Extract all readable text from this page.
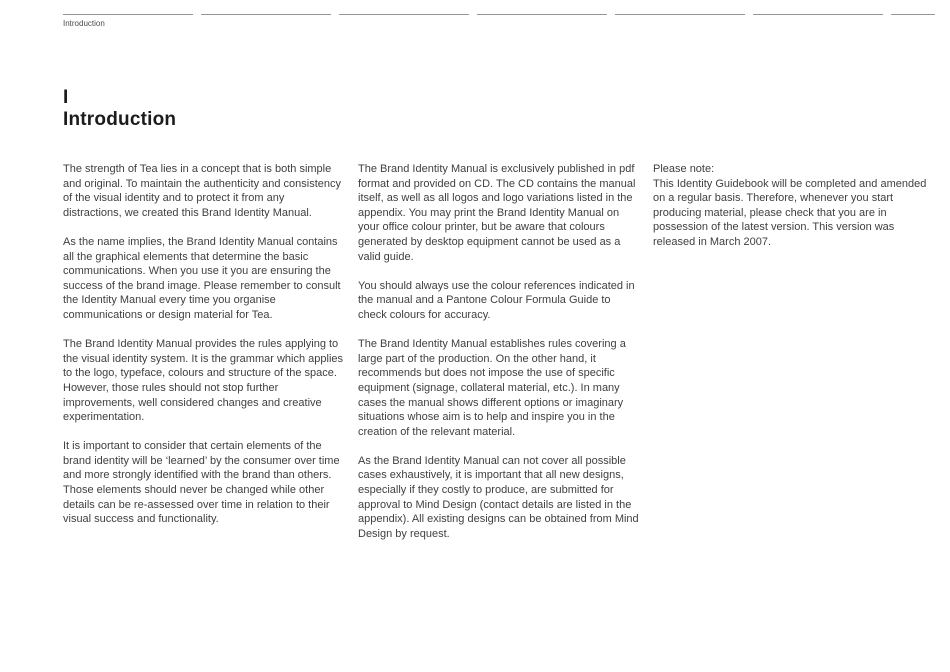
Introduction
I
Introduction

The strength of Tea lies in a concept that is both simple and original. To maintain the authenticity and consistency of the visual identity and to protect it from any distractions, we created this Brand Identity Manual.

As the name implies, the Brand Identity Manual contains all the graphical elements that determine the basic communications. When you use it you are ensuring the success of the brand image. Please remember to consult the Identity Manual every time you organise communications or design material for Tea.

The Brand Identity Manual provides the rules applying to the visual identity system. It is the grammar which applies to the logo, typeface, colours and structure of the space. However, those rules should not stop further improvements, well considered changes and creative experimentation.

It is important to consider that certain elements of the brand identity will be ‘learned’ by the consumer over time and more strongly identified with the brand than others. Those elements should never be changed while other details can be re-assessed over time in relation to their visual success and functionality.

The Brand Identity Manual is exclusively published in pdf format and provided on CD. The CD contains the manual itself, as well as all logos and logo variations listed in the appendix. You may print the Brand Identity Manual on your office colour printer, but be aware that colours generated by desktop equipment cannot be used as a valid guide.

You should always use the colour references indicated in the manual and a Pantone Colour Formula Guide to check colours for accuracy.

The Brand Identity Manual establishes rules covering a large part of the production. On the other hand, it recommends but does not impose the use of specific equipment (signage, collateral material, etc.). In many cases the manual shows different options or imaginary situations whose aim is to help and inspire you in the creation of the relevant material.

As the Brand Identity Manual can not cover all possible cases exhaustively, it is important that all new designs, especially if they costly to produce, are submitted for approval to Mind Design (contact details are listed in the appendix). All existing designs can be obtained from Mind Design by request.

Please note:

This Identity Guidebook will be completed and amended on a regular basis. Therefore, whenever you start producing material, please check that you are in possession of the latest version. This version was released in March 2007.
